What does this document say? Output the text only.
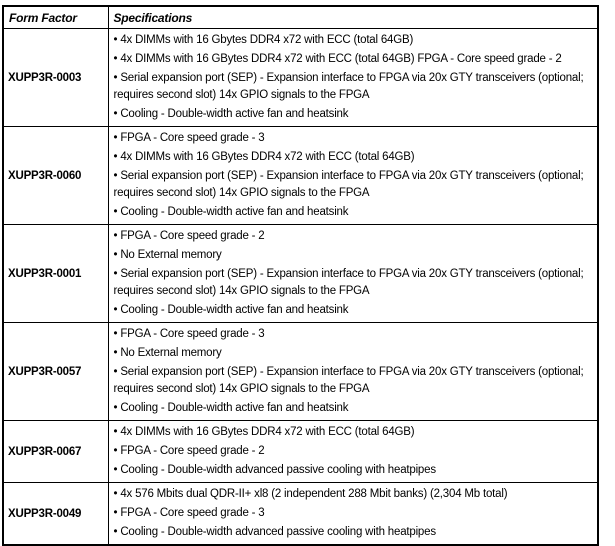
Form Factor	Specifications
XUPP3R-0003	• 4x DIMMs with 16 Gbytes DDR4 x72 with ECC (total 64GB)
• 4x DIMMs with 16 GBytes DDR4 x72 with ECC (total 64GB) FPGA - Core speed grade - 2
• Serial expansion port (SEP) - Expansion interface to FPGA via 20x GTY transceivers (optional; requires second slot) 14x GPIO signals to the FPGA
• Cooling - Double-width active fan and heatsink

XUPP3R-0060	• FPGA - Core speed grade - 3
• 4x DIMMs with 16 GBytes DDR4 x72 with ECC (total 64GB)
• Serial expansion port (SEP) - Expansion interface to FPGA via 20x GTY transceivers (optional; requires second slot) 14x GPIO signals to the FPGA
• Cooling - Double-width active fan and heatsink

XUPP3R-0001	• FPGA - Core speed grade - 2
• No External memory
• Serial expansion port (SEP) - Expansion interface to FPGA via 20x GTY transceivers (optional; requires second slot) 14x GPIO signals to the FPGA
• Cooling - Double-width active fan and heatsink

XUPP3R-0057	• FPGA - Core speed grade - 3
• No External memory
• Serial expansion port (SEP) - Expansion interface to FPGA via 20x GTY transceivers (optional; requires second slot) 14x GPIO signals to the FPGA
• Cooling - Double-width active fan and heatsink

XUPP3R-0067	• 4x DIMMs with 16 GBytes DDR4 x72 with ECC (total 64GB)
• FPGA - Core speed grade - 2
• Cooling - Double-width advanced passive cooling with heatpipes

XUPP3R-0049	• 4x 576 Mbits dual QDR-II+ xl8 (2 independent 288 Mbit banks) (2,304 Mb total)
• FPGA - Core speed grade - 3
• Cooling - Double-width advanced passive cooling with heatpipes
